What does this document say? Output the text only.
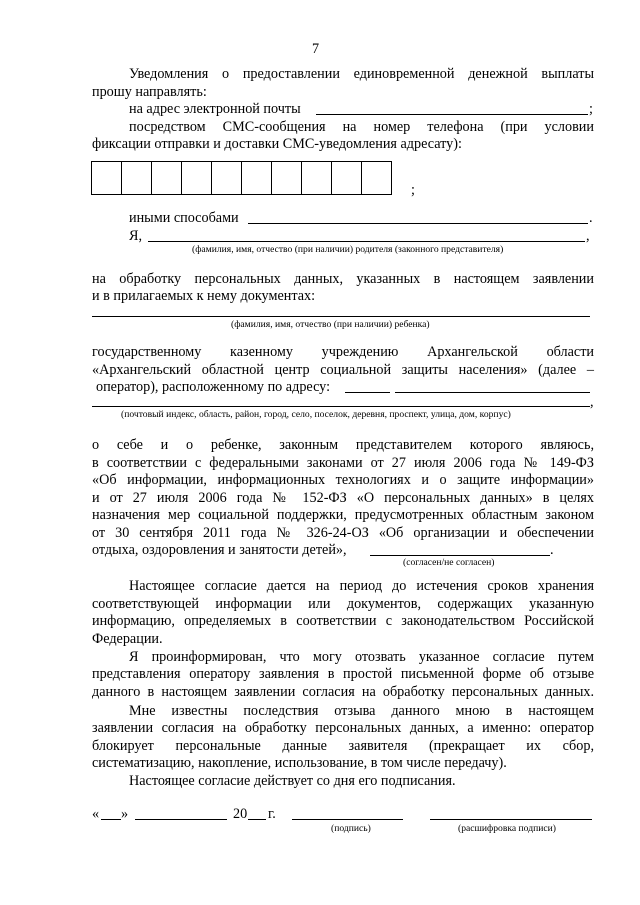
7
Уведомления о предоставлении единовременной денежной выплаты
прошу направлять:
на адрес электронной почты	;
посредством СМС-сообщения на номер телефона (при условии
фиксации отправки и доставки СМС-уведомления адресату):
;
иными способами	.
Я,	,
(фамилия, имя, отчество (при наличии) родителя (законного представителя)
на обработку персональных данных, указанных в настоящем заявлении
и в прилагаемых к нему документах:
(фамилия, имя, отчество (при наличии) ребенка)
государственному казенному учреждению Архангельской области
«Архангельский областной центр социальной защиты населения» (далее –
оператор), расположенному по адресу:
,
(почтовый индекс, область, район, город, село, поселок, деревня, проспект, улица, дом, корпус)
о себе и о ребенке, законным представителем которого являюсь,
в соответствии с федеральными законами от 27 июля 2006 года № 149-ФЗ
«Об информации, информационных технологиях и о защите информации»
и от 27 июля 2006 года № 152-ФЗ «О персональных данных» в целях
назначения мер социальной поддержки, предусмотренных областным законом
от 30 сентября 2011 года № 326-24-ОЗ «Об организации и обеспечении
отдыха, оздоровления и занятости детей»,	.
(согласен/не согласен)
Настоящее согласие дается на период до истечения сроков хранения
соответствующей информации или документов, содержащих указанную
информацию, определяемых в соответствии с законодательством Российской
Федерации.
Я проинформирован, что могу отозвать указанное согласие путем
представления оператору заявления в простой письменной форме об отзыве
данного в настоящем заявлении согласия на обработку персональных данных.
Мне известны последствия отзыва данного мною в настоящем
заявлении согласия на обработку персональных данных, а именно: оператор
блокирует персональные данные заявителя (прекращает их сбор,
систематизацию, накопление, использование, в том числе передачу).
Настоящее согласие действует со дня его подписания.
« »	20 г.
(подпись)	(расшифровка подписи)
